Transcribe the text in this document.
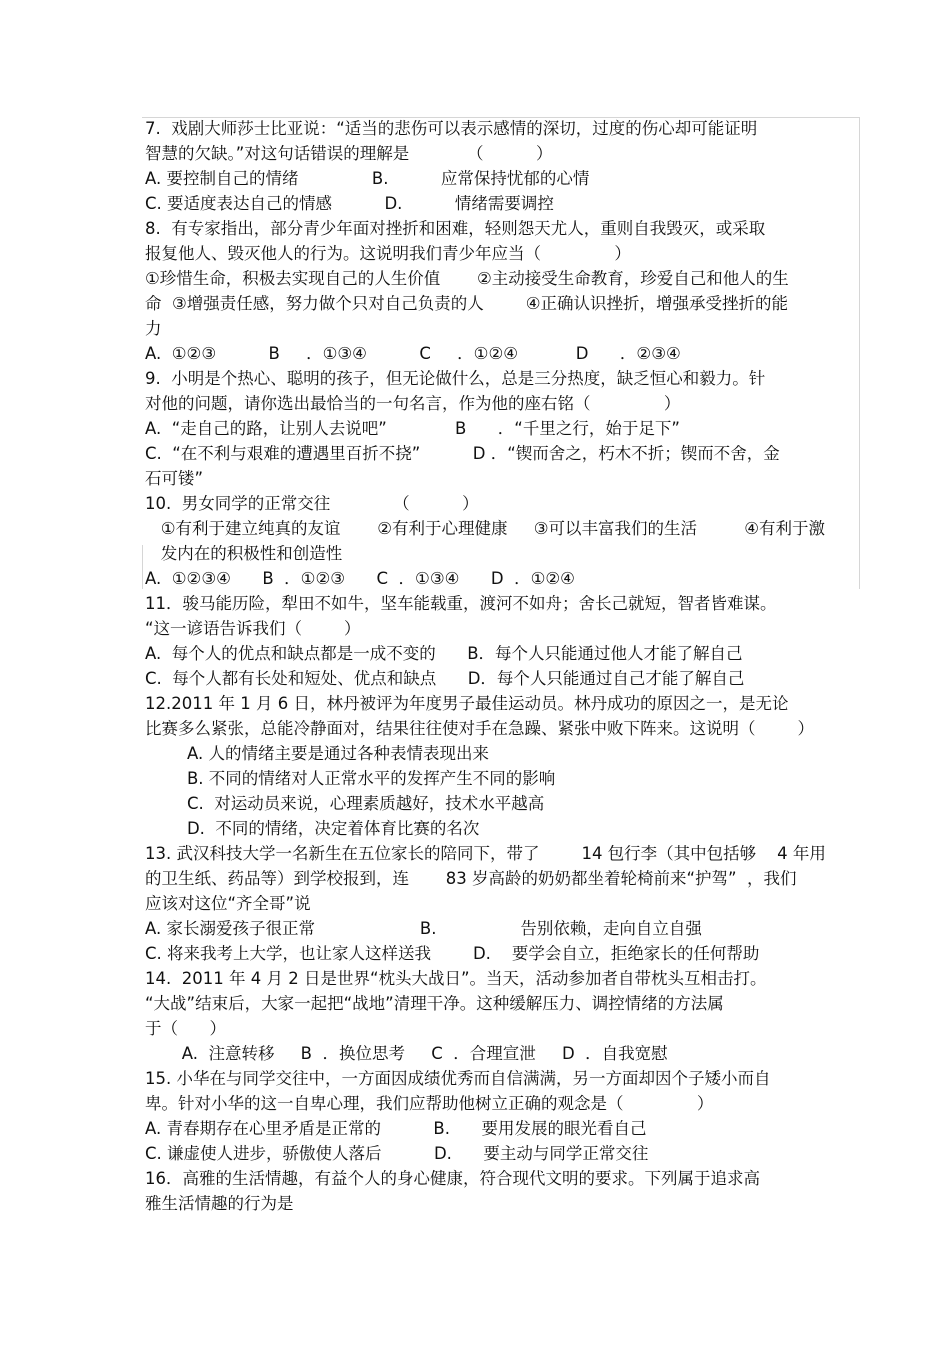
7.  戏剧大师莎士比亚说：“适当的悲伤可以表示感情的深切，过度的伤心却可能证明
智慧的欠缺。”对这句话错误的理解是           （          ）
A. 要控制自己的情绪              B.          应常保持忧郁的心情
C. 要适度表达自己的情感          D.          情绪需要调控
8.  有专家指出，部分青少年面对挫折和困难，轻则怨天尤人，重则自我毁灭，或采取
报复他人、毁灭他人的行为。这说明我们青少年应当（              ）
①珍惜生命，积极去实现自己的人生价值       ②主动接受生命教育，珍爱自己和他人的生
命  ③增强责任感，努力做个只对自己负责的人        ④正确认识挫折，增强承受挫折的能
力
A.  ①②③          B     ．①③④          C     ．①②④           D      ．②③④
9.  小明是个热心、聪明的孩子，但无论做什么，总是三分热度，缺乏恒心和毅力。针
对他的问题，请你选出最恰当的一句名言，作为他的座右铭（              ）
A.  “走自己的路，让别人去说吧”             B      ．“千里之行，始于足下”
C.  “在不利与艰难的遭遇里百折不挠”          D ．“锲而舍之，朽木不折；锲而不舍，金
石可镂”
10.  男女同学的正常交往            （          ）
①有利于建立纯真的友谊       ②有利于心理健康     ③可以丰富我们的生活         ④有利于激
发内在的积极性和创造性
A.  ①②③④      B  ．①②③      C  ．①③④      D  ．①②④
11．骏马能历险，犁田不如牛，坚车能载重，渡河不如舟；舍长己就短，智者皆难谋。
“这一谚语告诉我们（        ）
A.  每个人的优点和缺点都是一成不变的      B．每个人只能通过他人才能了解自己
C.  每个人都有长处和短处、优点和缺点      D．每个人只能通过自己才能了解自己
12.2011 年 1 月 6 日，林丹被评为年度男子最佳运动员。林丹成功的原因之一，是无论
比赛多么紧张，总能冷静面对，结果往往使对手在急躁、紧张中败下阵来。这说明（        ）
A. 人的情绪主要是通过各种表情表现出来
B. 不同的情绪对人正常水平的发挥产生不同的影响
C.  对运动员来说，心理素质越好，技术水平越高
D.  不同的情绪，决定着体育比赛的名次
13. 武汉科技大学一名新生在五位家长的陪同下，带了        14 包行李（其中包括够    4 年用
的卫生纸、药品等）到学校报到，连       83 岁高龄的奶奶都坐着轮椅前来“护驾”  ，我们
应该对这位“齐全哥”说
A. 家长溺爱孩子很正常                    B.                告别依赖，走向自立自强
C. 将来我考上大学，也让家人这样送我        D.    要学会自立，拒绝家长的任何帮助
14.  2011 年 4 月 2 日是世界“枕头大战日”。当天，活动参加者自带枕头互相击打。
“大战”结束后，大家一起把“战地”清理干净。这种缓解压力、调控情绪的方法属
于（      ）
A.  注意转移     B  ．换位思考     C  ．合理宣泄     D  ．自我宽慰
15. 小华在与同学交往中，一方面因成绩优秀而自信满满，另一方面却因个子矮小而自
卑。针对小华的这一自卑心理，我们应帮助他树立正确的观念是（              ）
A. 青春期存在心里矛盾是正常的          B.      要用发展的眼光看自己
C. 谦虚使人进步，骄傲使人落后          D.      要主动与同学正常交往
16．高雅的生活情趣，有益个人的身心健康，符合现代文明的要求。下列属于追求高
雅生活情趣的行为是
